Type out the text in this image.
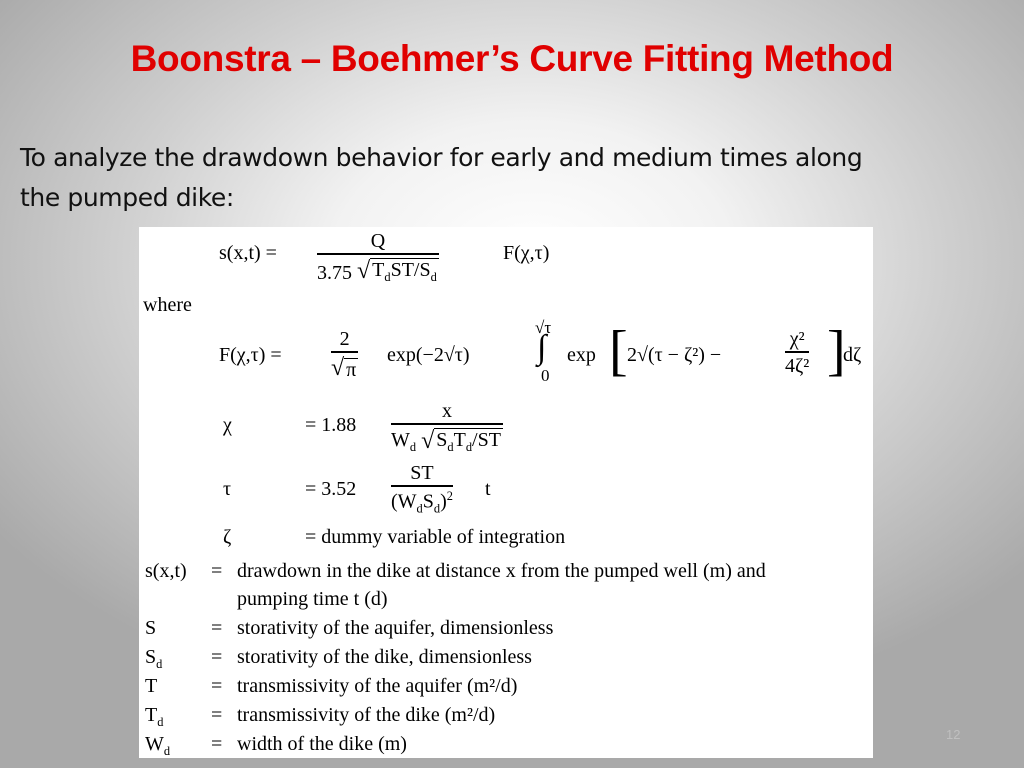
Boonstra – Boehmer’s Curve Fitting Method
To analyze the drawdown behavior for early and medium times along
the pumped dike:
s(x,t) =
Q
3.75
√ $T_dST/S_d$
F(χ,τ)
where
F(χ,τ) =
2
√ π
exp(−2√τ)
√τ
∫
0
exp [ 2√(τ − ζ²) −
χ²
4ζ² ]
dζ
χ	= 1.88
x
$W_d$
√ $S_dT_d/ST$
τ	= 3.52
ST
$(W_dS_d)^2$ t
ζ	= dummy variable of integration
s(x,t) = drawdown in the dike at distance x from the pumped well (m) and
pumping time t (d)
S	= storativity of the aquifer, dimensionless
$S_d$ = storativity of the dike, dimensionless
T	= transmissivity of the aquifer (m²/d)
$T_d$ = transmissivity of the dike (m²/d)
$W_d$ = width of the dike (m)	12
